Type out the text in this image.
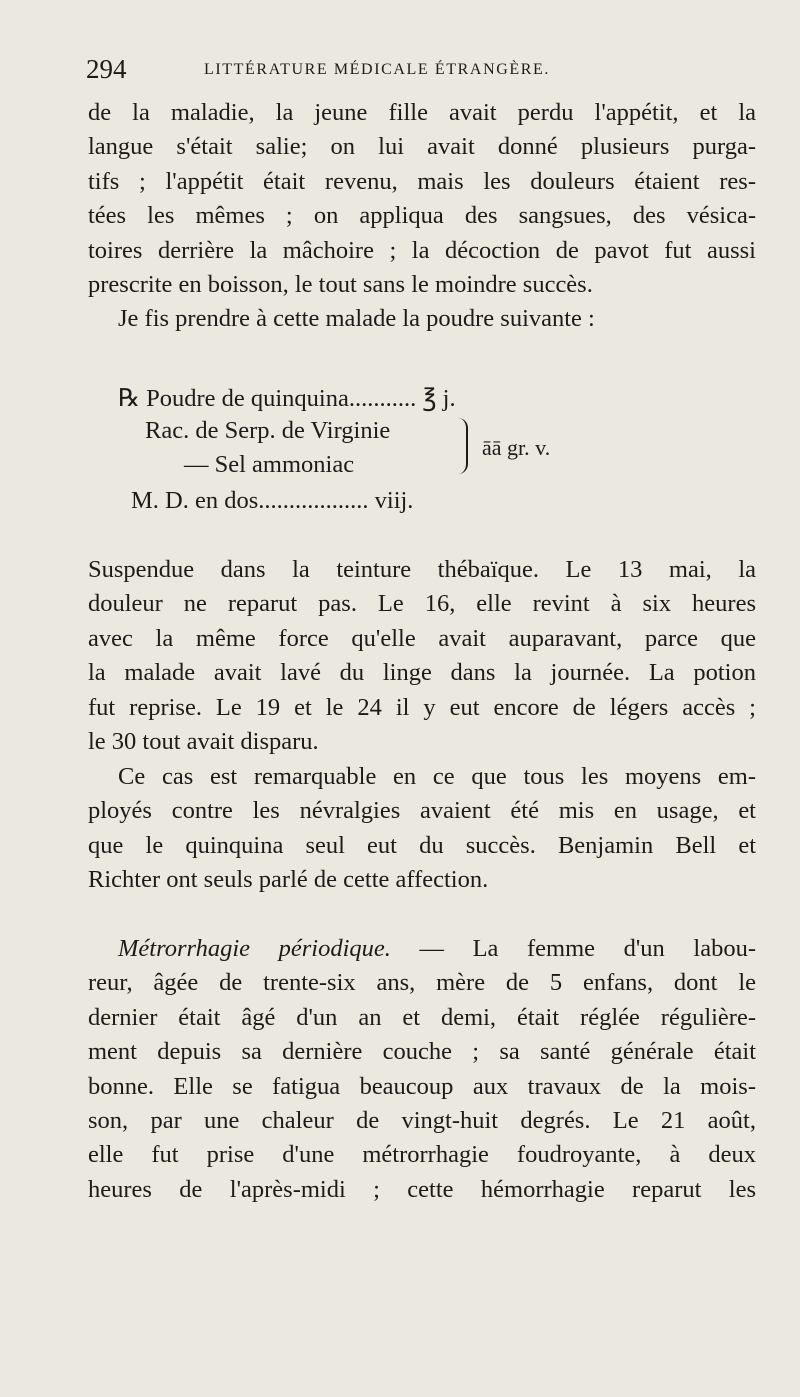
294	LITTÉRATURE MÉDICALE ÉTRANGÈRE.
de la maladie, la jeune fille avait perdu l'appétit, et la
langue s'était salie; on lui avait donné plusieurs purga-
tifs ; l'appétit était revenu, mais les douleurs étaient res-
tées les mêmes ; on appliqua des sangsues, des vésica-
toires derrière la mâchoire ; la décoction de pavot fut aussi
prescrite en boisson, le tout sans le moindre succès.
Je fis prendre à cette malade la poudre suivante :
℞ Poudre de quinquina........... ℥ j.
Rac. de Serp. de Virginie
— Sel ammoniac
āā gr. v.
M. D. en dos.................. viij.
Suspendue dans la teinture thébaïque. Le 13 mai, la
douleur ne reparut pas. Le 16, elle revint à six heures
avec la même force qu'elle avait auparavant, parce que
la malade avait lavé du linge dans la journée. La potion
fut reprise. Le 19 et le 24 il y eut encore de légers accès ;
le 30 tout avait disparu.
Ce cas est remarquable en ce que tous les moyens em-
ployés contre les névralgies avaient été mis en usage, et
que le quinquina seul eut du succès. Benjamin Bell et
Richter ont seuls parlé de cette affection.
Métrorrhagie périodique. — La femme d'un labou-
reur, âgée de trente-six ans, mère de 5 enfans, dont le
dernier était âgé d'un an et demi, était réglée régulière-
ment depuis sa dernière couche ; sa santé générale était
bonne. Elle se fatigua beaucoup aux travaux de la mois-
son, par une chaleur de vingt-huit degrés. Le 21 août,
elle fut prise d'une métrorrhagie foudroyante, à deux
heures de l'après-midi ; cette hémorrhagie reparut les
